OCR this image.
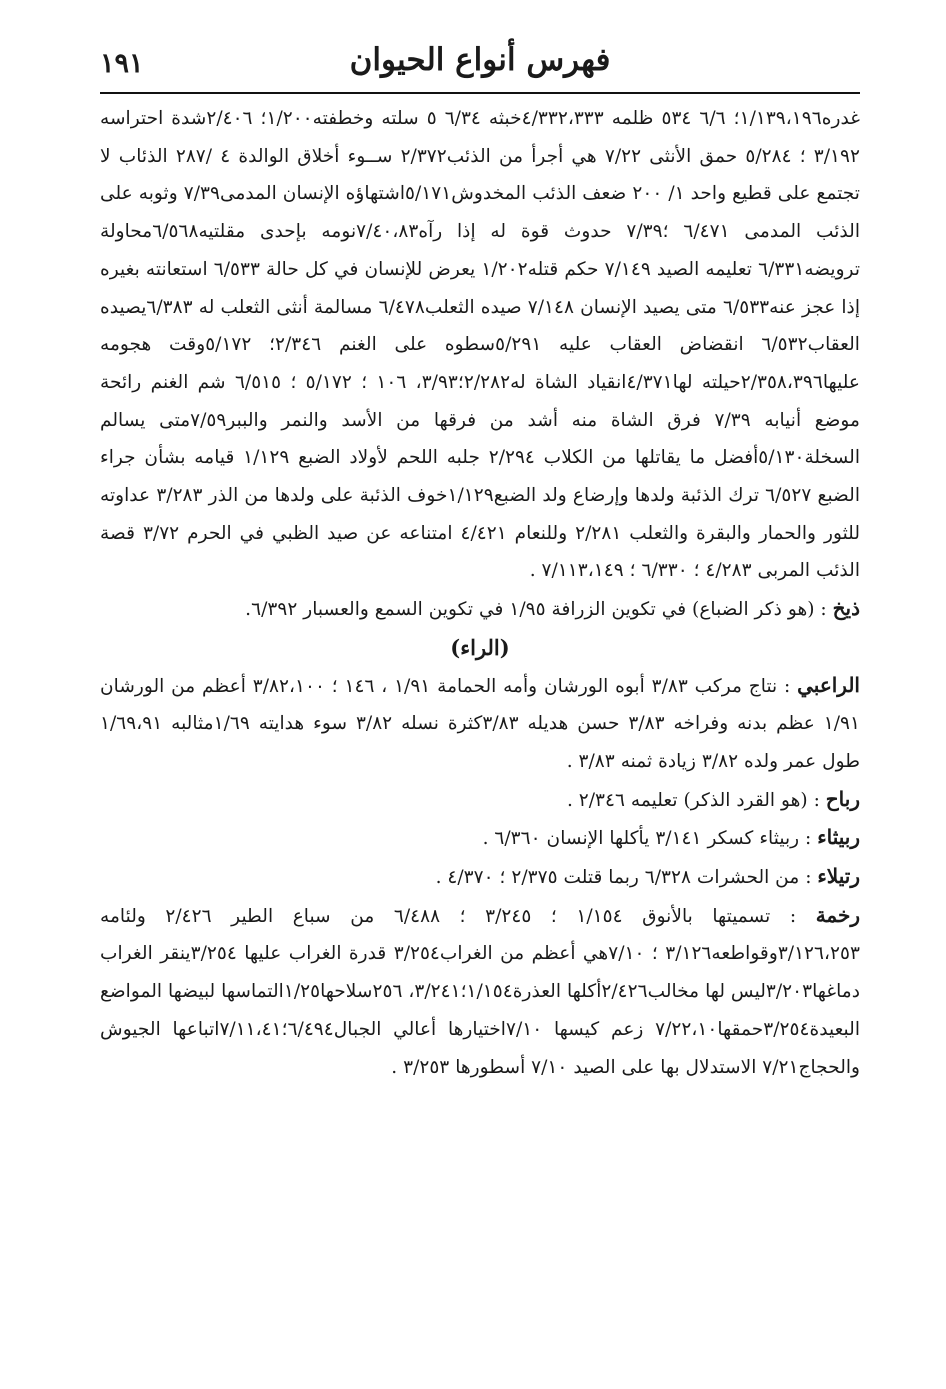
فهرس أنواع الحيوان
١٩١

غدره١/١٣٩،١٩٦؛ ٦/٦ ٥٣٤ ظلمه ٤/٣٣٢،٣٣٣خبثه ٦/٣٤ ٥ سلته وخطفته١/٢٠٠؛ ٢/٤٠٦شدة احتراسه ٣/١٩٢ ؛ ٥/٢٨٤ حمق الأنثى ٧/٢٢ هي أجرأ من الذئب٢/٣٧٢ ســوء أخلاق الوالدة ٤ /٢٨٧ الذئاب لا تجتمع على قطيع واحد ١/ ٢٠٠ ضعف الذئب المخدوش٥/١٧١اشتهاؤه الإنسان المدمى٧/٣٩ وثوبه على الذئب المدمى ٦/٤٧١ ؛٧/٣٩ حدوث قوة له إذا رآه٧/٤٠،٨٣نومه بإحدى مقلتيه٦/٥٦٨محاولة ترويضه٦/٣٣١ تعليمه الصيد ٧/١٤٩ حكم قتله١/٢٠٢ يعرض للإنسان في كل حالة ٦/٥٣٣ استعانته بغيره إذا عجز عنه٦/٥٣٣ متى يصيد الإنسان ٧/١٤٨ صيده الثعلب٦/٤٧٨ مسالمة أنثى الثعلب له ٦/٣٨٣يصيده العقاب٦/٥٣٢ انقضاض العقاب عليه ٥/٢٩١سطوه على الغنم ٢/٣٤٦؛ ٥/١٧٢وقت هجومه عليها٢/٣٥٨،٣٩٦حيلته لها٤/٣٧١انقياد الشاة له٢/٢٨٢؛٣/٩٣، ١٠٦ ؛ ٥/١٧٢ ؛ ٦/٥١٥ شم الغنم رائحة موضع أنيابه ٧/٣٩ فرق الشاة منه أشد من فرقها من الأسد والنمر والببر٧/٥٩متى يسالم السخلة٥/١٣٠أفضل ما يقاتلها من الكلاب ٢/٢٩٤ جلبه اللحم لأولاد الضبع ١/١٢٩ قيامه بشأن جراء الضبع ٦/٥٢٧ ترك الذئبة ولدها وإرضاع ولد الضبع١/١٢٩خوف الذئبة على ولدها من الذر ٣/٢٨٣ عداوته للثور والحمار والبقرة والثعلب ٢/٢٨١ وللنعام ٤/٤٢١ امتناعه عن صيد الظبي في الحرم ٣/٧٢ قصة الذئب المربى ٤/٢٨٣ ؛ ٦/٣٣٠ ؛ ٧/١١٣،١٤٩ .

ذيخ : (هو ذكر الضباع) في تكوين الزرافة ١/٩٥ في تكوين السمع والعسبار ٦/٣٩٢.

(الراء)

الراعبي : نتاج مركب ٣/٨٣ أبوه الورشان وأمه الحمامة ١/٩١ ، ١٤٦ ؛ ٣/٨٢،١٠٠ أعظم من الورشان ١/٩١ عظم بدنه وفراخه ٣/٨٣ حسن هديله ٣/٨٣كثرة نسله ٣/٨٢ سوء هدايته ١/٦٩مثالبه ١/٦٩،٩١ طول عمر ولده ٣/٨٢ زيادة ثمنه ٣/٨٣ .

رباح : (هو القرد الذكر) تعليمه ٢/٣٤٦ .

ربيثاء : ربيثاء كسكر ٣/١٤١ يأكلها الإنسان ٦/٣٦٠ .

رتيلاء : من الحشرات ٦/٣٢٨ ربما قتلت ٢/٣٧٥ ؛ ٤/٣٧٠ .

رخمة : تسميتها بالأنوق ١/١٥٤ ؛ ٣/٢٤٥ ؛ ٦/٤٨٨ من سباع الطير ٢/٤٢٦ ولئامه ٣/١٢٦،٢٥٣وقواطعه٣/١٢٦ ؛ ٧/١٠هي أعظم من الغراب٣/٢٥٤ قدرة الغراب عليها ٣/٢٥٤ينقر الغراب دماغها٣/٢٠٣ليس لها مخالب٢/٤٢٦أكلها العذرة١/١٥٤؛٣/٢٤١، ٢٥٦سلاحها١/٢٥التماسها لبيضها المواضع البعيدة٣/٢٥٤حمقها٧/٢٢،١٠ زعم كيسها ٧/١٠اختيارها أعالي الجبال٦/٤٩٤؛٧/١١،٤١اتباعها الجيوش والحجاج٧/٢١ الاستدلال بها على الصيد ٧/١٠ أسطورها ٣/٢٥٣ .
